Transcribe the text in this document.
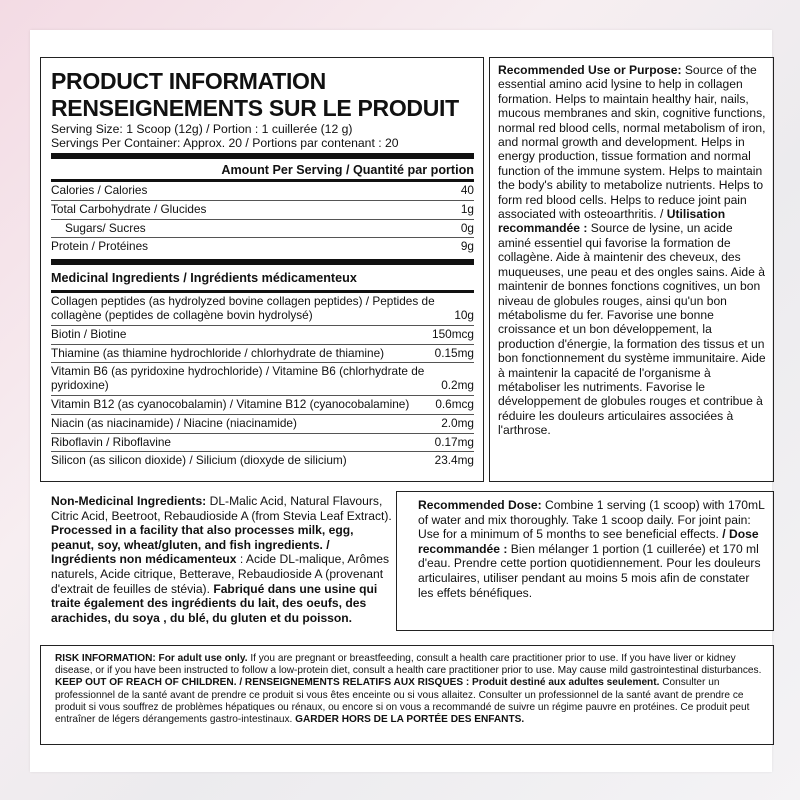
PRODUCT INFORMATION
RENSEIGNEMENTS SUR LE PRODUIT
Serving Size: 1 Scoop (12g) / Portion : 1 cuillerée (12 g)
Servings Per Container: Approx. 20 / Portions par contenant : 20
Amount Per Serving / Quantité par portion
Calories / Calories	40
Total Carbohydrate / Glucides	1g
Sugars/ Sucres	0g
Protein / Protéines	9g
Medicinal Ingredients / Ingrédients médicamenteux
Collagen peptides (as hydrolyzed bovine collagen peptides) / Peptides de collagène (peptides de collagène bovin hydrolysé)	10g
Biotin / Biotine	150mcg
Thiamine (as thiamine hydrochloride / chlorhydrate de thiamine)	0.15mg
Vitamin B6 (as pyridoxine hydrochloride) / Vitamine B6 (chlorhydrate de pyridoxine)	0.2mg
Vitamin B12 (as cyanocobalamin) / Vitamine B12 (cyanocobalamine)	0.6mcg
Niacin (as niacinamide) / Niacine (niacinamide)	2.0mg
Riboflavin / Riboflavine	0.17mg
Silicon (as silicon dioxide) / Silicium (dioxyde de silicium)	23.4mg
Recommended Use or Purpose: Source of the essential amino acid lysine to help in collagen formation. Helps to maintain healthy hair, nails, mucous membranes and skin, cognitive functions, normal red blood cells, normal metabolism of iron, and normal growth and development. Helps in energy production, tissue formation and normal function of the immune system. Helps to maintain the body's ability to metabolize nutrients. Helps to form red blood cells. Helps to reduce joint pain associated with osteoarthritis. / Utilisation recommandée : Source de lysine, un acide aminé essentiel qui favorise la formation de collagène. Aide à maintenir des cheveux, des muqueuses, une peau et des ongles sains. Aide à maintenir de bonnes fonctions cognitives, un bon niveau de globules rouges, ainsi qu'un bon métabolisme du fer. Favorise une bonne croissance et un bon développement, la production d'énergie, la formation des tissus et un bon fonctionnement du système immunitaire. Aide à maintenir la capacité de l'organisme à métaboliser les nutriments. Favorise le développement de globules rouges et contribue à réduire les douleurs articulaires associées à l'arthrose.
Non-Medicinal Ingredients: DL-Malic Acid, Natural Flavours, Citric Acid, Beetroot, Rebaudioside A (from Stevia Leaf Extract). Processed in a facility that also processes milk, egg, peanut, soy, wheat/gluten, and fish ingredients. / Ingrédients non médicamenteux : Acide DL-malique, Arômes naturels, Acide citrique, Betterave, Rebaudioside A (provenant d'extrait de feuilles de stévia). Fabriqué dans une usine qui traite également des ingrédients du lait, des oeufs, des arachides, du soya , du blé, du gluten et du poisson.
Recommended Dose: Combine 1 serving (1 scoop) with 170mL of water and mix thoroughly. Take 1 scoop daily. For joint pain: Use for a minimum of 5 months to see beneficial effects. / Dose recommandée : Bien mélanger 1 portion (1 cuillerée) et 170 ml d'eau. Prendre cette portion quotidiennement. Pour les douleurs articulaires, utiliser pendant au moins 5 mois afin de constater les effets bénéfiques.
RISK INFORMATION: For adult use only. If you are pregnant or breastfeeding, consult a health care practitioner prior to use. If you have liver or kidney disease, or if you have been instructed to follow a low-protein diet, consult a health care practitioner prior to use. May cause mild gastrointestinal disturbances. KEEP OUT OF REACH OF CHILDREN. / RENSEIGNEMENTS RELATIFS AUX RISQUES : Produit destiné aux adultes seulement. Consulter un professionnel de la santé avant de prendre ce produit si vous êtes enceinte ou si vous allaitez. Consulter un professionnel de la santé avant de prendre ce produit si vous souffrez de problèmes hépatiques ou rénaux, ou encore si on vous a recommandé de suivre un régime pauvre en protéines. Ce produit peut entraîner de légers dérangements gastro-intestinaux. GARDER HORS DE LA PORTÉE DES ENFANTS.
